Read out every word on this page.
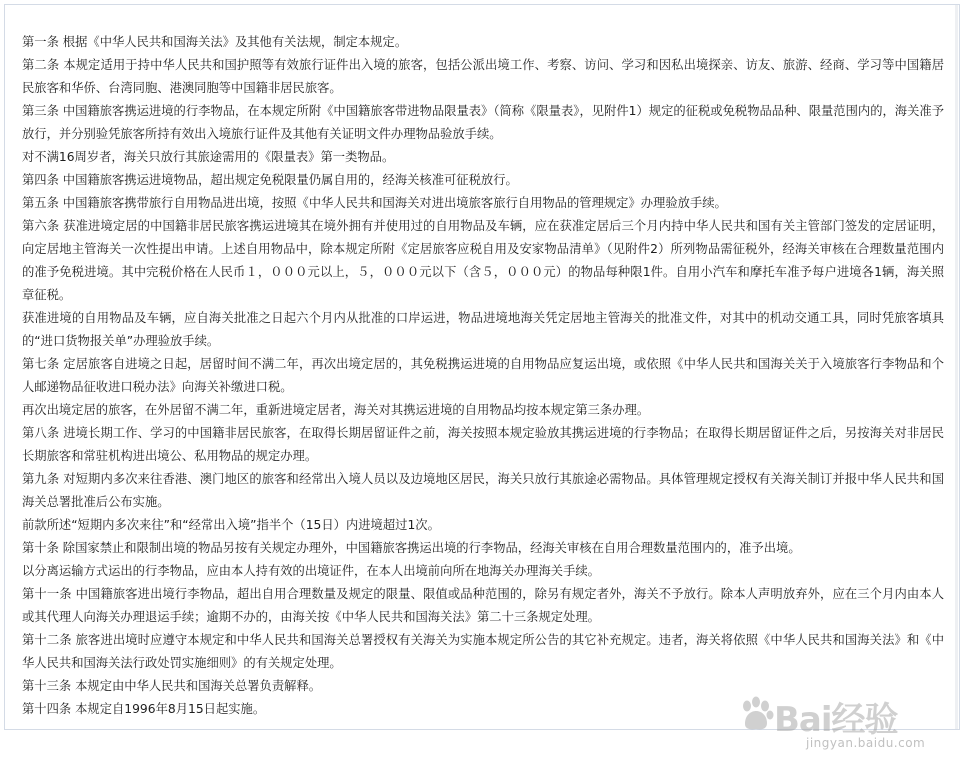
第一条 根据《中华人民共和国海关法》及其他有关法规，制定本规定。

第二条 本规定适用于持中华人民共和国护照等有效旅行证件出入境的旅客，包括公派出境工作、考察、访问、学习和因私出境探亲、访友、旅游、经商、学习等中国籍居民旅客和华侨、台湾同胞、港澳同胞等中国籍非居民旅客。

第三条 中国籍旅客携运进境的行李物品，在本规定所附《中国籍旅客带进物品限量表》（简称《限量表》，见附件1）规定的征税或免税物品品种、限量范围内的，海关准予放行，并分别验凭旅客所持有效出入境旅行证件及其他有关证明文件办理物品验放手续。

对不满16周岁者，海关只放行其旅途需用的《限量表》第一类物品。

第四条 中国籍旅客携运进境物品，超出规定免税限量仍属自用的，经海关核准可征税放行。

第五条 中国籍旅客携带旅行自用物品进出境，按照《中华人民共和国海关对进出境旅客旅行自用物品的管理规定》办理验放手续。

第六条 获准进境定居的中国籍非居民旅客携运进境其在境外拥有并使用过的自用物品及车辆，应在获准定居后三个月内持中华人民共和国有关主管部门签发的定居证明，向定居地主管海关一次性提出申请。上述自用物品中，除本规定所附《定居旅客应税自用及安家物品清单》（见附件2）所列物品需征税外，经海关审核在合理数量范围内的准予免税进境。其中完税价格在人民币１，０００元以上，５，０００元以下（含５，０００元）的物品每种限1件。自用小汽车和摩托车准予每户进境各1辆，海关照章征税。

获准进境的自用物品及车辆，应自海关批准之日起六个月内从批准的口岸运进，物品进境地海关凭定居地主管海关的批准文件，对其中的机动交通工具，同时凭旅客填具的“进口货物报关单”办理验放手续。

第七条 定居旅客自进境之日起，居留时间不满二年，再次出境定居的，其免税携运进境的自用物品应复运出境，或依照《中华人民共和国海关关于入境旅客行李物品和个人邮递物品征收进口税办法》向海关补缴进口税。

再次出境定居的旅客，在外居留不满二年，重新进境定居者，海关对其携运进境的自用物品均按本规定第三条办理。

第八条 进境长期工作、学习的中国籍非居民旅客，在取得长期居留证件之前，海关按照本规定验放其携运进境的行李物品；在取得长期居留证件之后，另按海关对非居民长期旅客和常驻机构进出境公、私用物品的规定办理。

第九条 对短期内多次来往香港、澳门地区的旅客和经常出入境人员以及边境地区居民，海关只放行其旅途必需物品。具体管理规定授权有关海关制订并报中华人民共和国海关总署批准后公布实施。

前款所述“短期内多次来往”和“经常出入境”指半个（15日）内进境超过1次。

第十条 除国家禁止和限制出境的物品另按有关规定办理外，中国籍旅客携运出境的行李物品，经海关审核在自用合理数量范围内的，准予出境。

以分离运输方式运出的行李物品，应由本人持有效的出境证件，在本人出境前向所在地海关办理海关手续。

第十一条 中国籍旅客进出境行李物品，超出自用合理数量及规定的限量、限值或品种范围的，除另有规定者外，海关不予放行。除本人声明放弃外，应在三个月内由本人或其代理人向海关办理退运手续；逾期不办的，由海关按《中华人民共和国海关法》第二十三条规定处理。

第十二条 旅客进出境时应遵守本规定和中华人民共和国海关总署授权有关海关为实施本规定所公告的其它补充规定。违者，海关将依照《中华人民共和国海关法》和《中华人民共和国海关法行政处罚实施细则》的有关规定处理。

第十三条 本规定由中华人民共和国海关总署负责解释。

第十四条 本规定自1996年8月15日起实施。	Bai经验
jingyan.baidu.com
